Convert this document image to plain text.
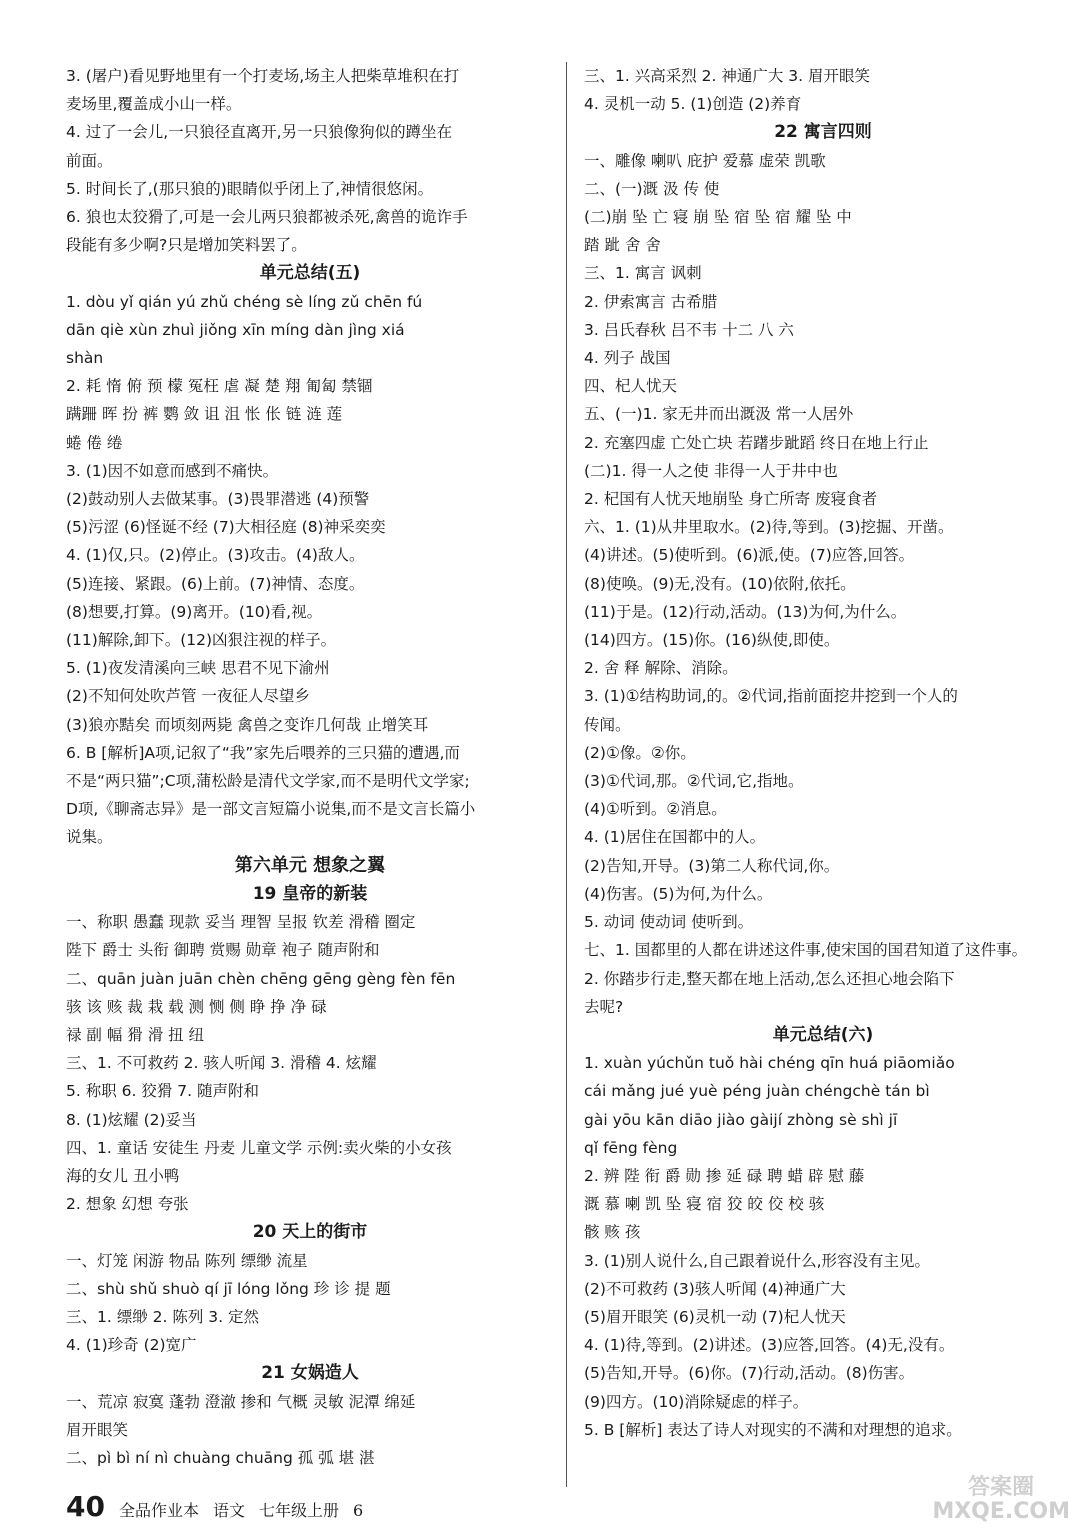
3. (屠户)看见野地里有一个打麦场,场主人把柴草堆积在打
麦场里,覆盖成小山一样。
4. 过了一会儿,一只狼径直离开,另一只狼像狗似的蹲坐在
前面。
5. 时间长了,(那只狼的)眼睛似乎闭上了,神情很悠闲。
6. 狼也太狡猾了,可是一会儿两只狼都被杀死,禽兽的诡诈手
段能有多少啊?只是增加笑料罢了。
单元总结(五)
1. dòu yǐ qián yú zhǔ chéng sè líng zǔ chēn fú
dān qiè xùn zhuì jiǒng xīn míng dàn jìng xiá
shàn
2. 耗 惰 俯 预 檬 冤枉 虐 凝 楚 翔 匍匐 禁锢
蹒跚 晖 扮 裤 鹦 敛 诅 沮 怅 伥 链 涟 莲
蜷 倦 绻
3. (1)因不如意而感到不痛快。
(2)鼓动别人去做某事。(3)畏罪潜逃 (4)预警
(5)污涩 (6)怪诞不经 (7)大相径庭 (8)神采奕奕
4. (1)仅,只。(2)停止。(3)攻击。(4)敌人。
(5)连接、紧跟。(6)上前。(7)神情、态度。
(8)想要,打算。(9)离开。(10)看,视。
(11)解除,卸下。(12)凶狠注视的样子。
5. (1)夜发清溪向三峡 思君不见下渝州
(2)不知何处吹芦管 一夜征人尽望乡
(3)狼亦黠矣 而顷刻两毙 禽兽之变诈几何哉 止增笑耳
6. B [解析]A项,记叙了“我”家先后喂养的三只猫的遭遇,而
不是“两只猫”;C项,蒲松龄是清代文学家,而不是明代文学家;
D项,《聊斋志异》是一部文言短篇小说集,而不是文言长篇小
说集。
第六单元 想象之翼
19 皇帝的新装
一、称职 愚蠢 现款 妥当 理智 呈报 钦差 滑稽 圈定
陛下 爵士 头衔 御聘 赏赐 勋章 袍子 随声附和
二、quān juàn juān chèn chēng gēng gèng fèn fēn
骇 该 赅 裁 栽 载 测 恻 侧 睁 挣 净 碌
禄 副 幅 猾 滑 扭 纽
三、1. 不可救药 2. 骇人听闻 3. 滑稽 4. 炫耀
5. 称职 6. 狡猾 7. 随声附和
8. (1)炫耀 (2)妥当
四、1. 童话 安徒生 丹麦 儿童文学 示例:卖火柴的小女孩
海的女儿 丑小鸭
2. 想象 幻想 夸张
20 天上的街市
一、灯笼 闲游 物品 陈列 缥缈 流星
二、shù shǔ shuò qí jī lóng lǒng 珍 诊 提 题
三、1. 缥缈 2. 陈列 3. 定然
4. (1)珍奇 (2)宽广
21 女娲造人
一、荒凉 寂寞 蓬勃 澄澈 掺和 气概 灵敏 泥潭 绵延
眉开眼笑
二、pì bì ní nì chuàng chuāng 孤 弧 堪 湛
三、1. 兴高采烈 2. 神通广大 3. 眉开眼笑
4. 灵机一动 5. (1)创造 (2)养育
22 寓言四则
一、雕像 喇叭 庇护 爱慕 虚荣 凯歌
二、(一)溉 汲 传 使
(二)崩 坠 亡 寝 崩 坠 宿 坠 宿 耀 坠 中
踏 跐 舍 舍
三、1. 寓言 讽刺
2. 伊索寓言 古希腊
3. 吕氏春秋 吕不韦 十二 八 六
4. 列子 战国
四、杞人忧天
五、(一)1. 家无井而出溉汲 常一人居外
2. 充塞四虚 亡处亡块 若躇步跐蹈 终日在地上行止
(二)1. 得一人之使 非得一人于井中也
2. 杞国有人忧天地崩坠 身亡所寄 废寝食者
六、1. (1)从井里取水。(2)待,等到。(3)挖掘、开凿。
(4)讲述。(5)使听到。(6)派,使。(7)应答,回答。
(8)使唤。(9)无,没有。(10)依附,依托。
(11)于是。(12)行动,活动。(13)为何,为什么。
(14)四方。(15)你。(16)纵使,即使。
2. 舍 释 解除、消除。
3. (1)①结构助词,的。②代词,指前面挖井挖到一个人的
传闻。
(2)①像。②你。
(3)①代词,那。②代词,它,指地。
(4)①听到。②消息。
4. (1)居住在国都中的人。
(2)告知,开导。(3)第二人称代词,你。
(4)伤害。(5)为何,为什么。
5. 动词 使动词 使听到。
七、1. 国都里的人都在讲述这件事,使宋国的国君知道了这件事。
2. 你踏步行走,整天都在地上活动,怎么还担心地会陷下
去呢?
单元总结(六)
1. xuàn yúchǔn tuǒ hài chéng qīn huá piāomiǎo
cái mǎng jué yuè péng juàn chéngchè tán bì
gài yōu kān diāo jiào gàijí zhòng sè shì jī
qǐ fēng fèng
2. 辨 陛 衔 爵 勋 掺 延 碌 聘 蜡 辟 慰 藤
溉 慕 喇 凯 坠 寝 宿 狡 皎 佼 校 骇
骸 赅 孩
3. (1)别人说什么,自己跟着说什么,形容没有主见。
(2)不可救药 (3)骇人听闻 (4)神通广大
(5)眉开眼笑 (6)灵机一动 (7)杞人忧天
4. (1)待,等到。(2)讲述。(3)应答,回答。(4)无,没有。
(5)告知,开导。(6)你。(7)行动,活动。(8)伤害。
(9)四方。(10)消除疑虑的样子。
5. B [解析] 表达了诗人对现实的不满和对理想的追求。
40 全品作业本 语文 七年级上册 6
答案圈
MXQE.COM
